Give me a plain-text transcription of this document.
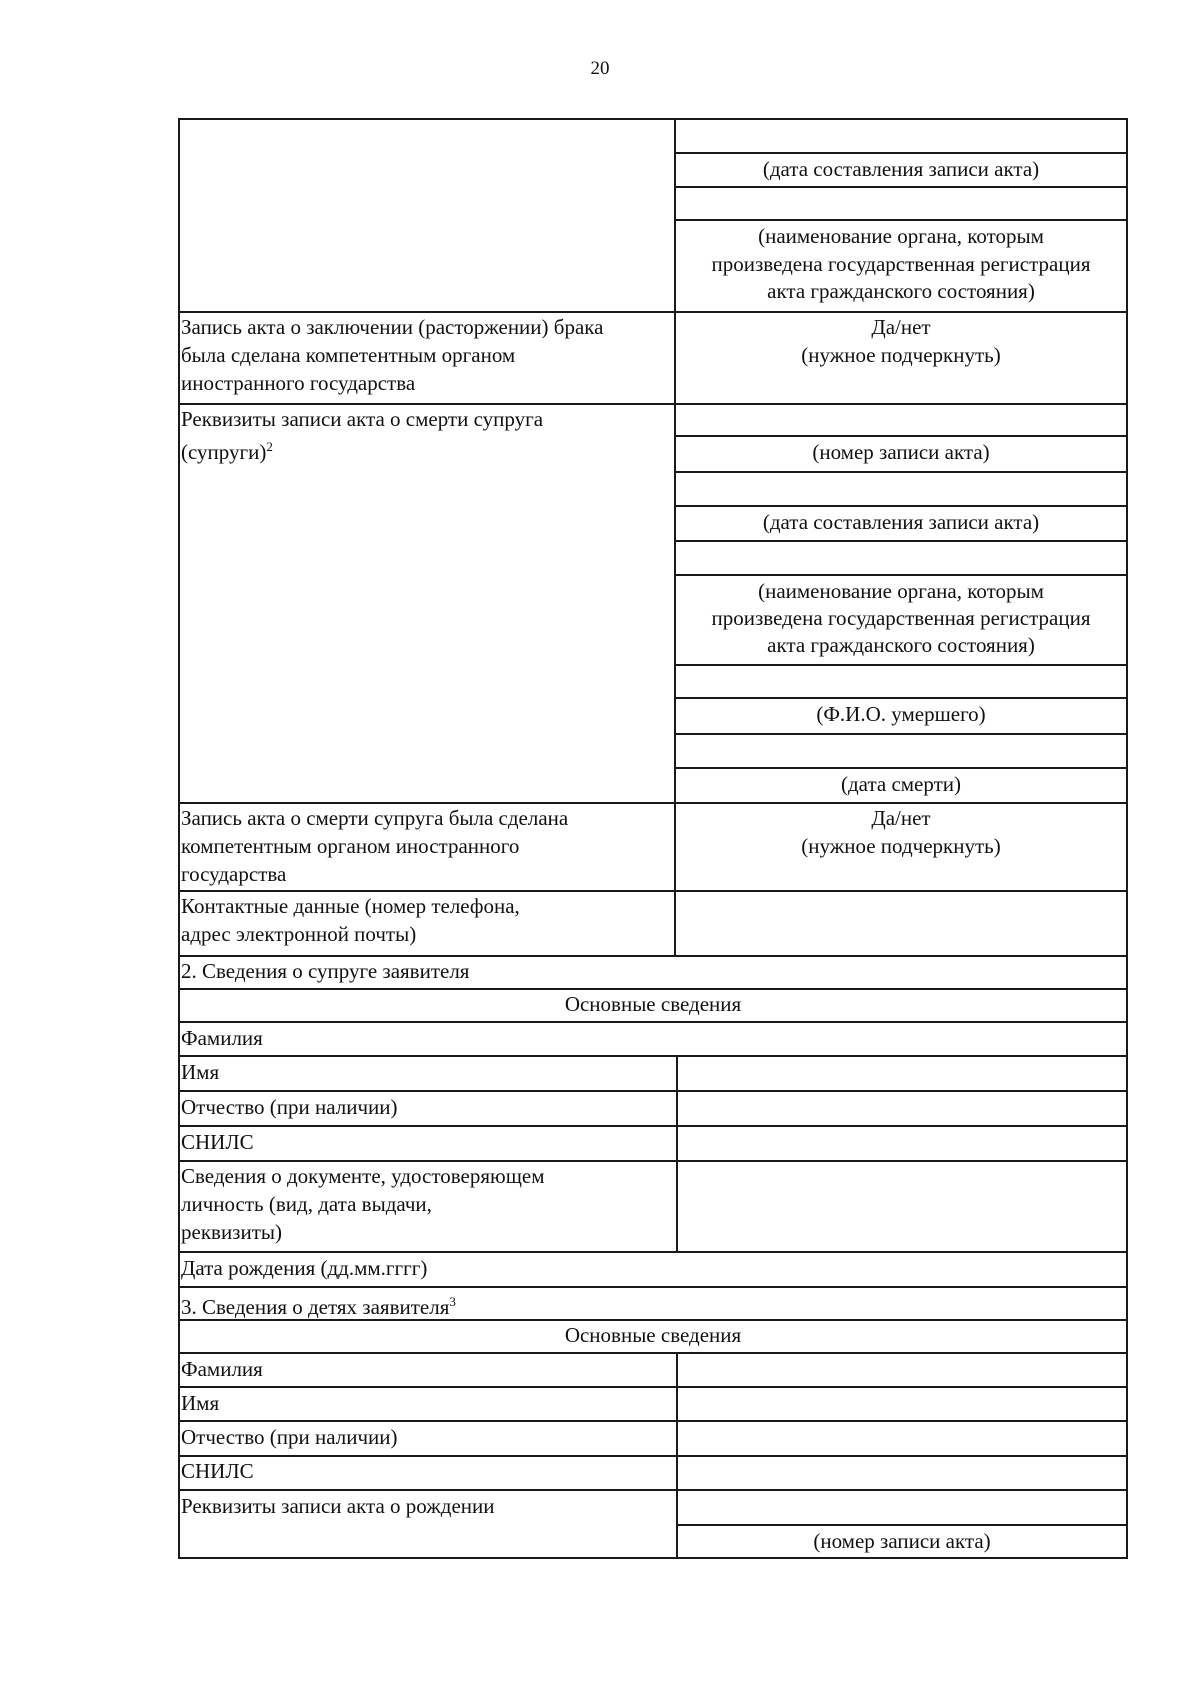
20
(дата составления записи акта)
(наименование органа, которым
произведена государственная регистрация
акта гражданского состояния)
Запись акта о заключении (расторжении) брака
была сделана компетентным органом
иностранного государства
Да/нет
(нужное подчеркнуть)
Реквизиты записи акта о смерти супруга
(супруги)$^2$	(номер записи акта)
(дата составления записи акта)
(наименование органа, которым
произведена государственная регистрация
акта гражданского состояния)
(Ф.И.О. умершего)
(дата смерти)
Запись акта о смерти супруга была сделана
компетентным органом иностранного
государства
Да/нет
(нужное подчеркнуть)
Контактные данные (номер телефона,
адрес электронной почты)
2. Сведения о супруге заявителя
Основные сведения
Фамилия
Имя
Отчество (при наличии)
СНИЛС
Сведения о документе, удостоверяющем
личность (вид, дата выдачи,
реквизиты)
Дата рождения (дд.мм.гггг)
3. Сведения о детях заявителя$^3$
Основные сведения
Фамилия
Имя
Отчество (при наличии)
СНИЛС
Реквизиты записи акта о рождении
(номер записи акта)
